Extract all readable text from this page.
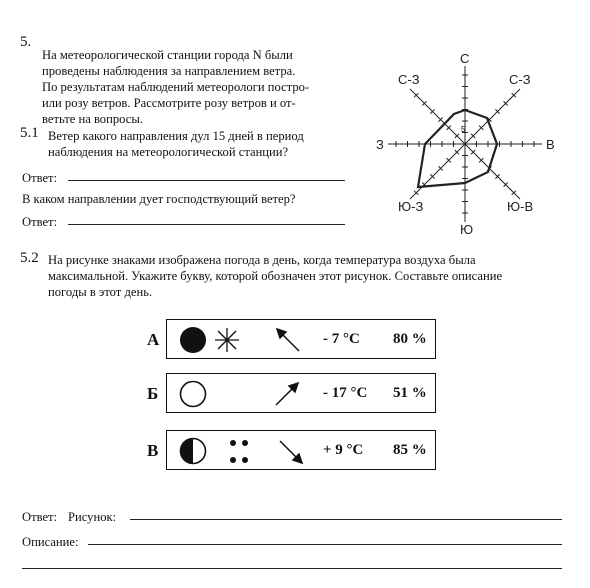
5.
На метеорологической станции города N были
проведены наблюдения за направлением ветра.
По результатам наблюдений метеорологи постро-
или розу ветров. Рассмотрите розу ветров и от-
ветьте на вопросы.
5.1 Ветер какого направления дул 15 дней в период
наблюдения на метеорологической станции?
Ответ:
В каком направлении дует господствующий ветер?
Ответ:
5
С
С-З
В
Ю-В
Ю
Ю-З
З
С-З
5.2 На рисунке знаками изображена погода в день, когда температура воздуха была
максимальной. Укажите букву, которой обозначен этот рисунок. Составьте описание
погоды в этот день.
А	- 7 °C 80 %
Б	- 17 °C 51 %
В	+ 9 °C 85 %
Ответ: Рисунок:
Описание:
